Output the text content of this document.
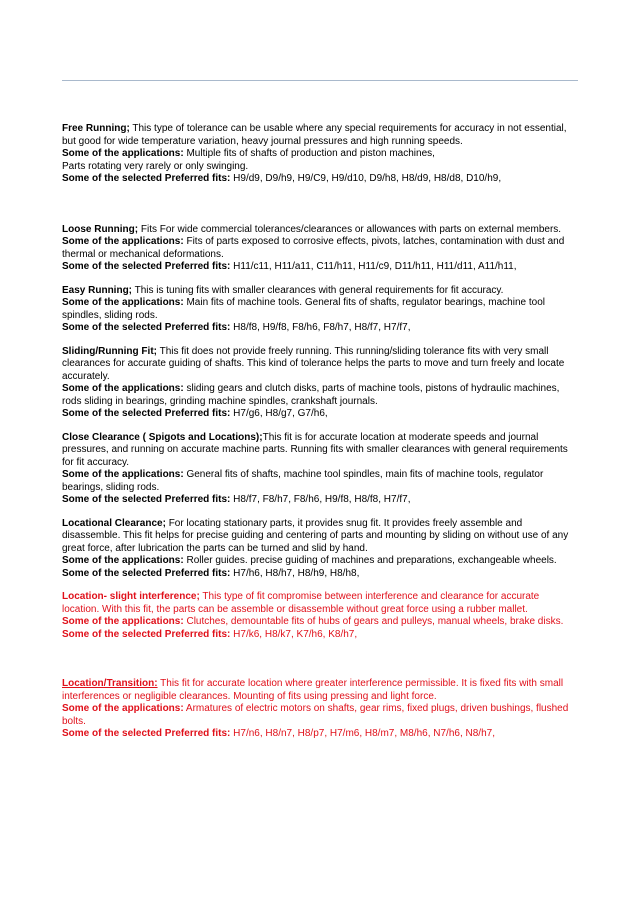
Free Running; This type of tolerance can be usable where any special requirements for accuracy in not essential, but good for wide temperature variation, heavy journal pressures and high running speeds.

Some of the applications: Multiple fits of shafts of production and piston machines,

Parts rotating very rarely or only swinging.

Some of the selected Preferred fits: H9/d9, D9/h9, H9/C9, H9/d10, D9/h8, H8/d9, H8/d8, D10/h9,

Loose Running; Fits For wide commercial tolerances/clearances or allowances with parts on external members.

Some of the applications: Fits of parts exposed to corrosive effects, pivots, latches, contamination with dust and thermal or mechanical deformations.

Some of the selected Preferred fits: H11/c11, H11/a11, C11/h11, H11/c9, D11/h11, H11/d11, A11/h11,

Easy Running; This is tuning fits with smaller clearances with general requirements for fit accuracy.

Some of the applications: Main fits of machine tools. General fits of shafts, regulator bearings, machine tool spindles, sliding rods.

Some of the selected Preferred fits: H8/f8, H9/f8, F8/h6, F8/h7, H8/f7, H7/f7,

Sliding/Running Fit; This fit does not provide freely running. This running/sliding tolerance fits with very small clearances for accurate guiding of shafts. This kind of tolerance helps the parts to move and turn freely and locate accurately.

Some of the applications: sliding gears and clutch disks, parts of machine tools, pistons of hydraulic machines, rods sliding in bearings, grinding machine spindles, crankshaft journals.

Some of the selected Preferred fits: H7/g6, H8/g7, G7/h6,

Close Clearance ( Spigots and Locations);This fit is for accurate location at moderate speeds and journal pressures, and running on accurate machine parts. Running fits with smaller clearances with general requirements for fit accuracy.

Some of the applications: General fits of shafts, machine tool spindles, main fits of machine tools, regulator bearings, sliding rods.

Some of the selected Preferred fits: H8/f7, F8/h7, F8/h6, H9/f8, H8/f8, H7/f7,

Locational Clearance; For locating stationary parts, it provides snug fit. It provides freely assemble and disassemble. This fit helps for precise guiding and centering of parts and mounting by sliding on without use of any great force, after lubrication the parts can be turned and slid by hand.

Some of the applications: Roller guides. precise guiding of machines and preparations, exchangeable wheels.

Some of the selected Preferred fits: H7/h6, H8/h7, H8/h9, H8/h8,

Location- slight interference; This type of fit compromise between interference and clearance for accurate location. With this fit, the parts can be assemble or disassemble without great force using a rubber mallet.

Some of the applications: Clutches, demountable fits of hubs of gears and pulleys, manual wheels, brake disks.

Some of the selected Preferred fits: H7/k6, H8/k7, K7/h6, K8/h7,

Location/Transition: This fit for accurate location where greater interference permissible. It is fixed fits with small interferences or negligible clearances. Mounting of fits using pressing and light force.

Some of the applications: Armatures of electric motors on shafts, gear rims, fixed plugs, driven bushings, flushed bolts.

Some of the selected Preferred fits: H7/n6, H8/n7, H8/p7, H7/m6, H8/m7, M8/h6, N7/h6, N8/h7,
